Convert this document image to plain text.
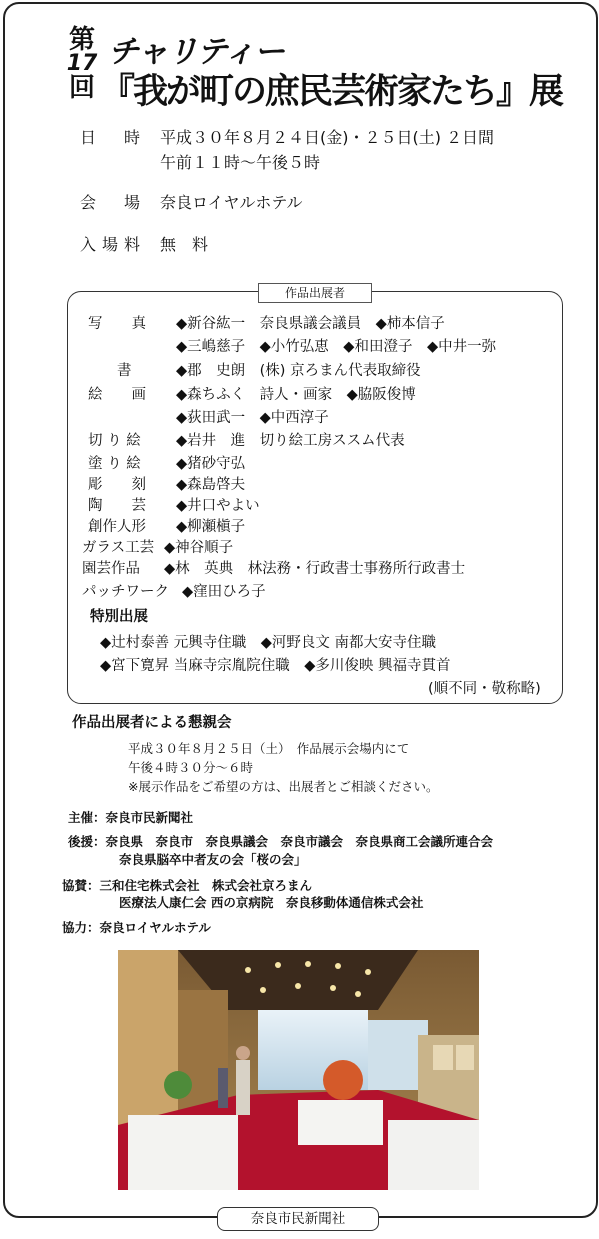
第
17
回
チャリティー
『我が町の庶民芸術家たち』展
日　時 平成３０年８月２４日(金)・２５日(土) ２日間
午前１１時〜午後５時
会　場 奈良ロイヤルホテル
入場料 無　料
作品出展者
写　　真 ◆新谷紘一　奈良県議会議員　◆柿本信子
◆三嶋慈子　◆小竹弘恵　◆和田澄子　◆中井一弥
　　書	◆郡　史朗　(株) 京ろまん代表取締役
絵　　画 ◆森ちふく　詩人・画家　◆脇阪俊博
◆荻田武一　◆中西淳子
切 り 絵 ◆岩井　進　切り絵工房ススム代表
塗 り 絵 ◆猪砂守弘
彫　　刻 ◆森島啓夫
陶　　芸 ◆井口やよい
創作人形 ◆柳瀬槇子
ガラス工芸 ◆神谷順子
園芸作品 ◆林　英典　林法務・行政書士事務所行政書士
パッチワーク ◆窪田ひろ子
特別出展
◆辻村泰善 元興寺住職　◆河野良文 南都大安寺住職
◆宮下寛昇 当麻寺宗胤院住職　◆多川俊映 興福寺貫首
(順不同・敬称略)
作品出展者による懇親会
平成３０年８月２５日（土）　作品展示会場内にて
午後４時３０分〜６時
※展示作品をご希望の方は、出展者とご相談ください。
主催：奈良市民新聞社
後援：奈良県　奈良市　奈良県議会　奈良市議会　奈良県商工会議所連合会
奈良県脳卒中者友の会「桜の会」
協賛：三和住宅株式会社　株式会社京ろまん
医療法人康仁会 西の京病院　奈良移動体通信株式会社
協力：奈良ロイヤルホテル
奈良市民新聞社
